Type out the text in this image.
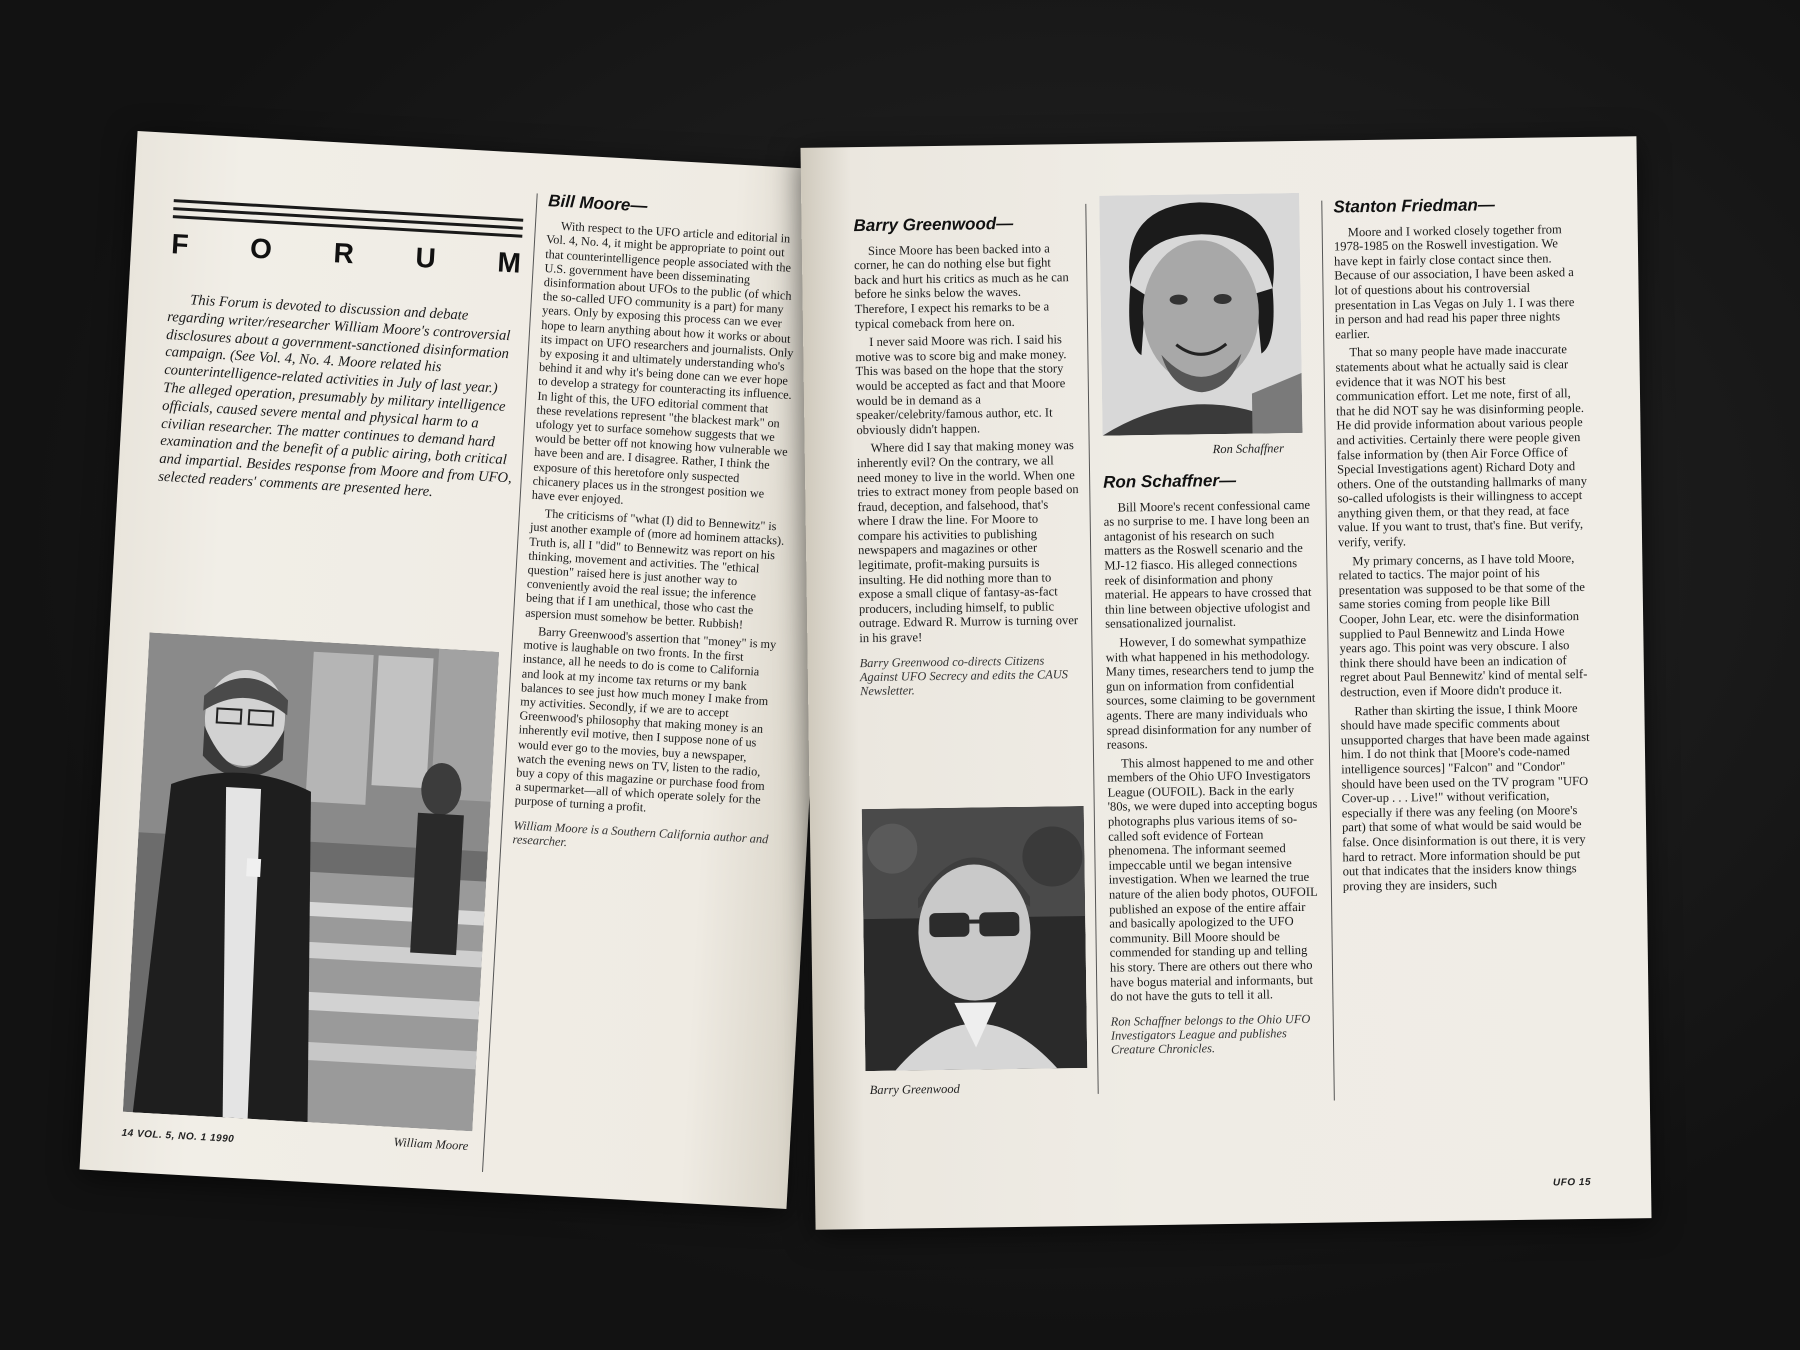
F O R U M
This Forum is devoted to discussion and debate regarding writer/researcher William Moore's controversial disclosures about a government-sanctioned disinformation campaign. (See Vol. 4, No. 4. Moore related his counterintelligence-related activities in July of last year.) The alleged operation, presumably by military intelligence officials, caused severe mental and physical harm to a civilian researcher. The matter continues to demand hard examination and the benefit of a public airing, both critical and impartial. Besides response from Moore and from UFO, selected readers' comments are presented here.
William Moore
14 VOL. 5, NO. 1 1990
Bill Moore—

With respect to the UFO article and editorial in Vol. 4, No. 4, it might be appropriate to point out that counterintelligence people associated with the U.S. government have been disseminating disinformation about UFOs to the public (of which the so-called UFO community is a part) for many years. Only by exposing this process can we ever hope to learn anything about how it works or about its impact on UFO researchers and journalists. Only by exposing it and ultimately understanding who's behind it and why it's being done can we ever hope to develop a strategy for counteracting its influence. In light of this, the UFO editorial comment that these revelations represent "the blackest mark" on ufology yet to surface somehow suggests that we would be better off not knowing how vulnerable we have been and are. I disagree. Rather, I think the exposure of this heretofore only suspected chicanery places us in the strongest position we have ever enjoyed.

The criticisms of "what (I) did to Bennewitz" is just another example of (more ad hominem attacks). Truth is, all I "did" to Bennewitz was report on his thinking, movement and activities. The "ethical question" raised here is just another way to conveniently avoid the real issue; the inference being that if I am unethical, those who cast the aspersion must somehow be better. Rubbish!

Barry Greenwood's assertion that "money" is my motive is laughable on two fronts. In the first instance, all he needs to do is come to California and look at my income tax returns or my bank balances to see just how much money I make from my activities. Secondly, if we are to accept Greenwood's philosophy that making money is an inherently evil motive, then I suppose none of us would ever go to the movies, buy a newspaper, watch the evening news on TV, listen to the radio, buy a copy of this magazine or purchase food from a supermarket—all of which operate solely for the purpose of turning a profit.

William Moore is a Southern California author and researcher.
Barry Greenwood—

Since Moore has been backed into a corner, he can do nothing else but fight back and hurt his critics as much as he can before he sinks below the waves. Therefore, I expect his remarks to be a typical comeback from here on.

I never said Moore was rich. I said his motive was to score big and make money. This was based on the hope that the story would be accepted as fact and that Moore would be in demand as a speaker/celebrity/famous author, etc. It obviously didn't happen.

Where did I say that making money was inherently evil? On the contrary, we all need money to live in the world. When one tries to extract money from people based on fraud, deception, and falsehood, that's where I draw the line. For Moore to compare his activities to publishing newspapers and magazines or other legitimate, profit-making pursuits is insulting. He did nothing more than to expose a small clique of fantasy-as-fact producers, including himself, to public outrage. Edward R. Murrow is turning over in his grave!

Barry Greenwood co-directs Citizens Against UFO Secrecy and edits the CAUS Newsletter.
Barry Greenwood
Ron Schaffner
Ron Schaffner—

Bill Moore's recent confessional came as no surprise to me. I have long been an antagonist of his research on such matters as the Roswell scenario and the MJ-12 fiasco. His alleged connections reek of disinformation and phony material. He appears to have crossed that thin line between objective ufologist and sensationalized journalist.

However, I do somewhat sympathize with what happened in his methodology. Many times, researchers tend to jump the gun on information from confidential sources, some claiming to be government agents. There are many individuals who spread disinformation for any number of reasons.

This almost happened to me and other members of the Ohio UFO Investigators League (OUFOIL). Back in the early '80s, we were duped into accepting bogus photographs plus various items of so-called soft evidence of Fortean phenomena. The informant seemed impeccable until we began intensive investigation. When we learned the true nature of the alien body photos, OUFOIL published an expose of the entire affair and basically apologized to the UFO community. Bill Moore should be commended for standing up and telling his story. There are others out there who have bogus material and informants, but do not have the guts to tell it all.

Ron Schaffner belongs to the Ohio UFO Investigators League and publishes Creature Chronicles.
Stanton Friedman—

Moore and I worked closely together from 1978-1985 on the Roswell investigation. We have kept in fairly close contact since then. Because of our association, I have been asked a lot of questions about his controversial presentation in Las Vegas on July 1. I was there in person and had read his paper three nights earlier.

That so many people have made inaccurate statements about what he actually said is clear evidence that it was NOT his best communication effort. Let me note, first of all, that he did NOT say he was disinforming people. He did provide information about various people and activities. Certainly there were people given false information by (then Air Force Office of Special Investigations agent) Richard Doty and others. One of the outstanding hallmarks of many so-called ufologists is their willingness to accept anything given them, or that they read, at face value. If you want to trust, that's fine. But verify, verify, verify.

My primary concerns, as I have told Moore, related to tactics. The major point of his presentation was supposed to be that some of the same stories coming from people like Bill Cooper, John Lear, etc. were the disinformation supplied to Paul Bennewitz and Linda Howe years ago. This point was very obscure. I also think there should have been an indication of regret about Paul Bennewitz' kind of mental self-destruction, even if Moore didn't produce it.

Rather than skirting the issue, I think Moore should have made specific comments about unsupported charges that have been made against him. I do not think that [Moore's code-named intelligence sources] "Falcon" and "Condor" should have been used on the TV program "UFO Cover-up . . . Live!" without verification, especially if there was any feeling (on Moore's part) that some of what would be said would be false. Once disinformation is out there, it is very hard to retract. More information should be put out that indicates that the insiders know things proving they are insiders, such

UFO 15
